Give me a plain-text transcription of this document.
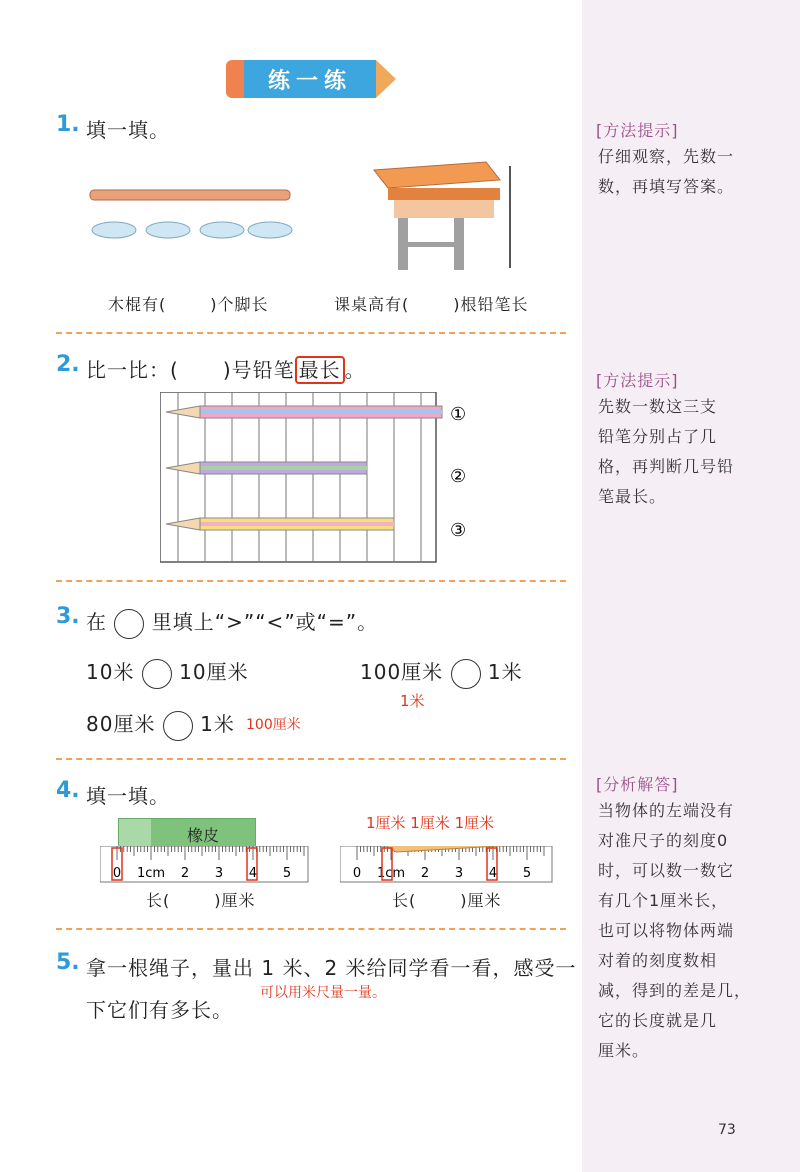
[方法提示]
仔细观察，先数一
数，再填写答案。
[方法提示]
先数一数这三支
铅笔分别占了几
格，再判断几号铅
笔最长。
[分析解答]
当物体的左端没有
对准尺子的刻度0
时，可以数一数它
有几个1厘米长，
也可以将物体两端
对着的刻度数相
减，得到的差是几，
它的长度就是几
厘米。
73
练一练
1. 填一填。
木棍有(	)个脚长	课桌高有(	)根铅笔长
2. 比一比：( )号铅笔 最长 。
①
②
③
3. 在 里填上“>”“<”或“=”。
10米 10厘米	100厘米 1米
1米
80厘米 1米 100厘米
4. 填一填。
橡皮
0 1cm 2 3 4 5
长(	)厘米
1厘米 1厘米 1厘米
0 1cm 2 3 4 5
长(	)厘米
5. 拿一根绳子，量出 1 米、2 米给同学看一看，感受一
可以用米尺量一量。
下它们有多长。
